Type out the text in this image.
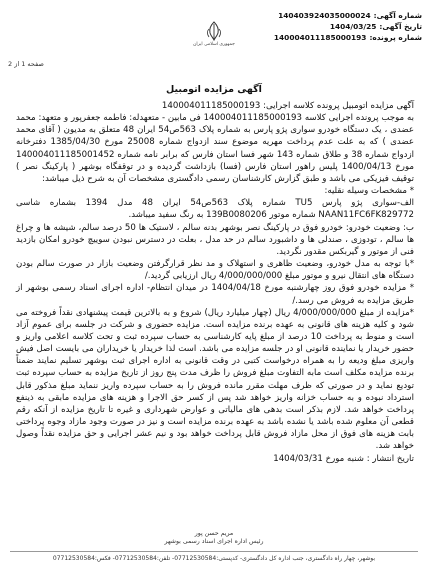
شماره آگهی:
140403924035000024
تاریخ آگهی:
1404/03/25
شماره پرونده:
140004011185000193
جمهوری اسلامی ایران
صفحه 1 از 2
آگهی مزایده اتومبیل

آگهی مزایده اتومبیل پرونده کلاسه اجرایی: 140004011185000193

به موجب پرونده اجرایی کلاسه 140004011185000193 فی مابین - متعهدله: فاطمه جعفرپور و متعهد: محمد عضدی ، یک دستگاه خودرو سواری پژو پارس به شماره پلاک 563ص54 ایران 48 متعلق به مدیون ( آقای محمد عضدی ) که به علت عدم پرداخت مهریه موضوع سند ازدواج شماره 25008 مورخ 1385/04/30 دفترخانه ازدواج شماره 38 و طلاق شماره 143 شهر فسا استان فارس که برابر نامه شماره 140004011185001452 مورخ 1400/04/13 پلیس راهور استان فارس (فسا) بازداشت گردیده و در توقفگاه بوشهر ( پارکینگ نصر ) توقیف فیزیکی می باشد و طبق گزارش کارشناسان رسمی دادگستری مشخصات آن به شرح ذیل میباشد:

* مشخصات وسیله نقلیه:

الف-سواری پژو پارس TU5 شماره پلاک 563ص54 ایران 48 مدل 1394 بشماره شاسی NAAN11FC6FK829772 شماره موتور 139B0080206 به رنگ سفید میباشد.

ب: وضعیت خودرو: خودرو فوق در پارکینگ نصر بوشهر بدنه سالم ، لاستیک ها 50 درصد سالم، شیشه ها و چراغ ها سالم ، تودوزی ، صندلی ها و داشبورد سالم در حد مدل ، بعلت در دسترس نبودن سوییچ خودرو امکان بازدید فنی از موتور و گیربکس مقدور نگردید.

*با توجه به مدل خودرو، وضعیت ظاهری و استهلاک و مد نظر قرارگرفتن وضعیت بازار در صورت سالم بودن دستگاه های انتقال نیرو و موتور مبلغ 4/000/000/000 ریال ارزیابی گردید./

* مزایده خودرو فوق روز چهارشنبه مورخ 1404/04/18 در میدان انتظام- اداره اجرای اسناد رسمی بوشهر از طریق مزایده به فروش می رسد./

*مزایده از مبلغ 4/000/000/000 ریال (چهار میلیارد ریال) شروع و به بالاترین قیمت پیشنهادی نقداً فروخته می شود و کلیه هزینه های قانونی به عهده برنده مزایده است. مزایده حضوری و شرکت در جلسه برای عموم آزاد است و منوط به پرداخت 10 درصد از مبلغ پایه کارشناسی به حساب سپرده ثبت و تحت کلاسه اعلامی واریز و حضور خریدار یا نماینده قانونی او در جلسه مزایده می باشد. است لذا خریدار یا خریداران می بایست اصل فیش واریزی مبلغ ودیعه را به همراه درخواست کتبی در وقت قانونی به اداره اجرای ثبت بوشهر تسلیم نمایند ضمناً برنده مزایده مکلف است مابه التفاوت مبلغ فروش را ظرف مدت پنج روز از تاریخ مزایده به حساب سپرده ثبت تودیع نماید و در صورتی که ظرف مهلت مقرر مانده فروش را به حساب سپرده واریز ننماید مبلغ مذکور قابل استرداد نبوده و به حساب خزانه واریز خواهد شد پس از کسر حق الاجرا و هزینه های مزایده مابقی به ذینفع پرداخت خواهد شد. لازم بذکر است بدهی های مالیاتی و عوارض شهرداری و غیره تا تاریخ مزایده از آنکه رقم قطعی آن معلوم شده باشد یا نشده باشد به عهده برنده مزایده است و نیز در صورت وجود مازاد وجوه پرداختی بابت هزینه های فوق از محل مازاد فروش قابل پرداخت خواهد بود و نیم عشر اجرایی و حق مزایده نقداً وصول خواهد شد.

تاریخ انتشار : شنبه مورخ 1404/03/31

مریم حسن پور
رئیس اداره اجرای اسناد رسمی بوشهر
بوشهر، چهار راه دادگستری، جنب اداره کل دادگستری- کدپستی:07712530584- تلفن:07712530584- فکس:07712530584
